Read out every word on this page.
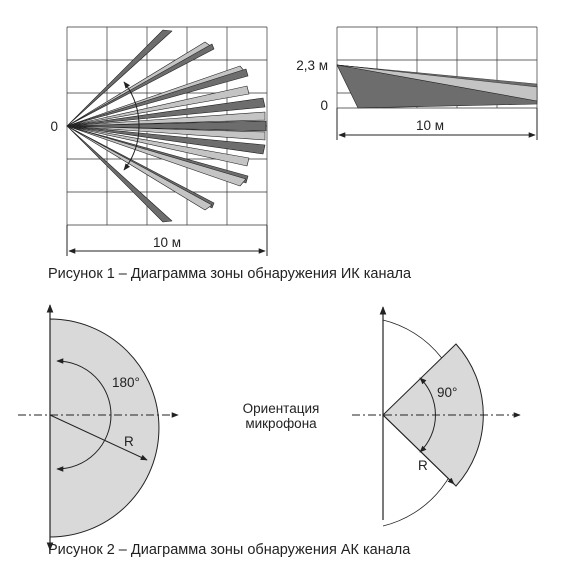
0
10 м
2,3 м
0
10 м
Рисунок 1 – Диаграмма зоны обнаружения ИК канала
180°
R
Ориентация
микрофона
90°
R
Рисунок 2 – Диаграмма зоны обнаружения АК канала
